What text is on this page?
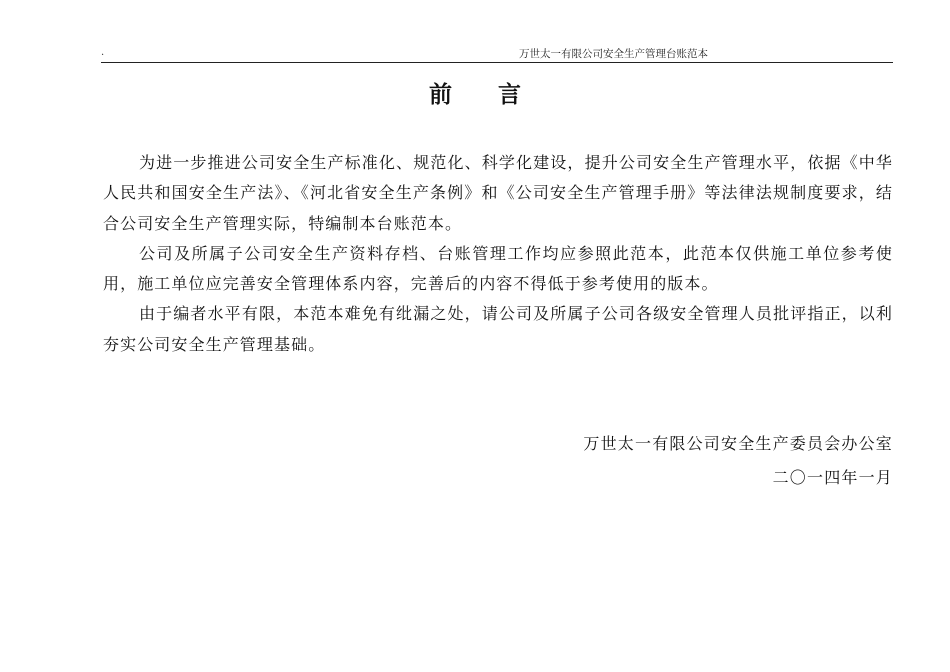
.	万世太一有限公司安全生产管理台账范本
前言

为进一步推进公司安全生产标准化、规范化、科学化建设，提升公司安全生产管理水平，依据《中华人民共和国安全生产法》、《河北省安全生产条例》和《公司安全生产管理手册》等法律法规制度要求，结合公司安全生产管理实际，特编制本台账范本。

公司及所属子公司安全生产资料存档、台账管理工作均应参照此范本，此范本仅供施工单位参考使用，施工单位应完善安全管理体系内容，完善后的内容不得低于参考使用的版本。

由于编者水平有限，本范本难免有纰漏之处，请公司及所属子公司各级安全管理人员批评指正，以利夯实公司安全生产管理基础。

万世太一有限公司安全生产委员会办公室
二〇一四年一月
